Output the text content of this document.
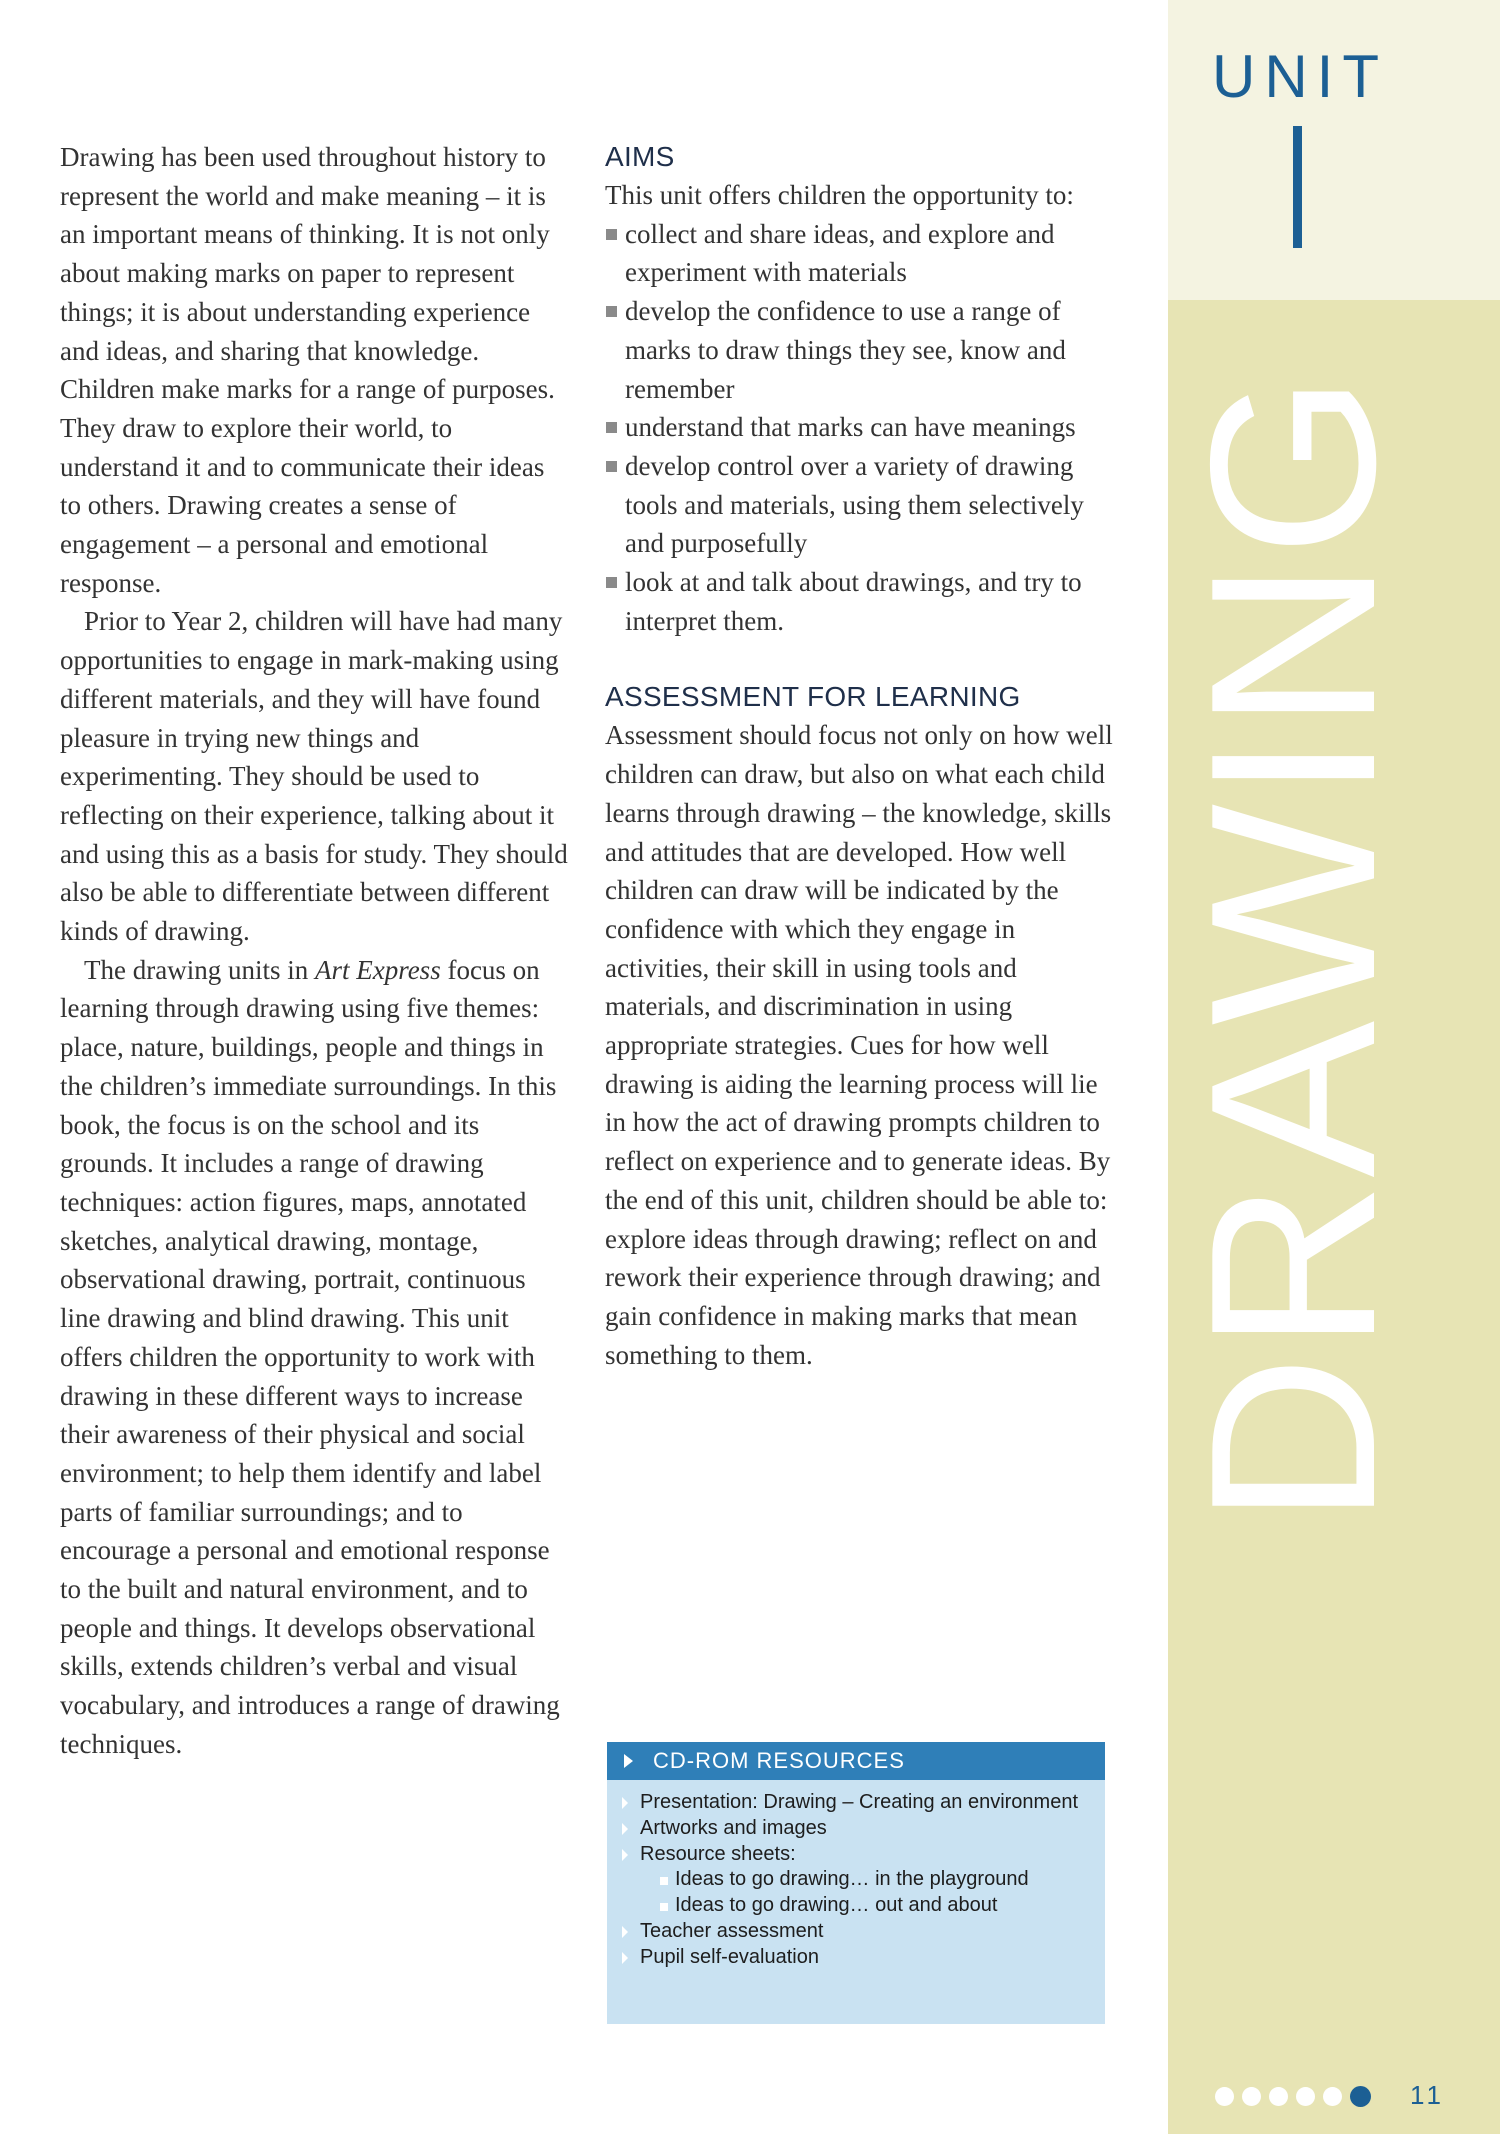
Drawing has been used throughout history to represent the world and make meaning – it is an important means of thinking. It is not only about making marks on paper to represent things; it is about understanding experience and ideas, and sharing that knowledge. Children make marks for a range of purposes. They draw to explore their world, to understand it and to communicate their ideas to others. Drawing creates a sense of engagement – a personal and emotional response.

Prior to Year 2, children will have had many opportunities to engage in mark-making using different materials, and they will have found pleasure in trying new things and experimenting. They should be used to reflecting on their experience, talking about it and using this as a basis for study. They should also be able to differentiate between different kinds of drawing.

The drawing units in Art Express focus on learning through drawing using five themes: place, nature, buildings, people and things in the children’s immediate surroundings. In this book, the focus is on the school and its grounds. It includes a range of drawing techniques: action figures, maps, annotated sketches, analytical drawing, montage, observational drawing, portrait, continuous line drawing and blind drawing. This unit offers children the opportunity to work with drawing in these different ways to increase their awareness of their physical and social environment; to help them identify and label parts of familiar surroundings; and to encourage a personal and emotional response to the built and natural environment, and to people and things. It develops observational skills, extends children’s verbal and visual vocabulary, and introduces a range of drawing techniques.

AIMS

This unit offers children the opportunity to:

collect and share ideas, and explore and experiment with materials
develop the confidence to use a range of marks to draw things they see, know and remember
understand that marks can have meanings
develop control over a variety of drawing tools and materials, using them selectively and purposefully
look at and talk about drawings, and try to interpret them.
ASSESSMENT FOR LEARNING

Assessment should focus not only on how well children can draw, but also on what each child learns through drawing – the knowledge, skills and attitudes that are developed. How well children can draw will be indicated by the confidence with which they engage in activities, their skill in using tools and materials, and discrimination in using appropriate strategies. Cues for how well drawing is aiding the learning process will lie in how the act of drawing prompts children to reflect on experience and to generate ideas. By the end of this unit, children should be able to: explore ideas through drawing; reflect on and rework their experience through drawing; and gain confidence in making marks that mean something to them.

CD-ROM RESOURCES
Presentation: Drawing – Creating an environment
Artworks and images
Resource sheets:
Ideas to go drawing… in the playground
Ideas to go drawing… out and about
Teacher assessment
Pupil self-evaluation
UNIT
DRAWING
11
